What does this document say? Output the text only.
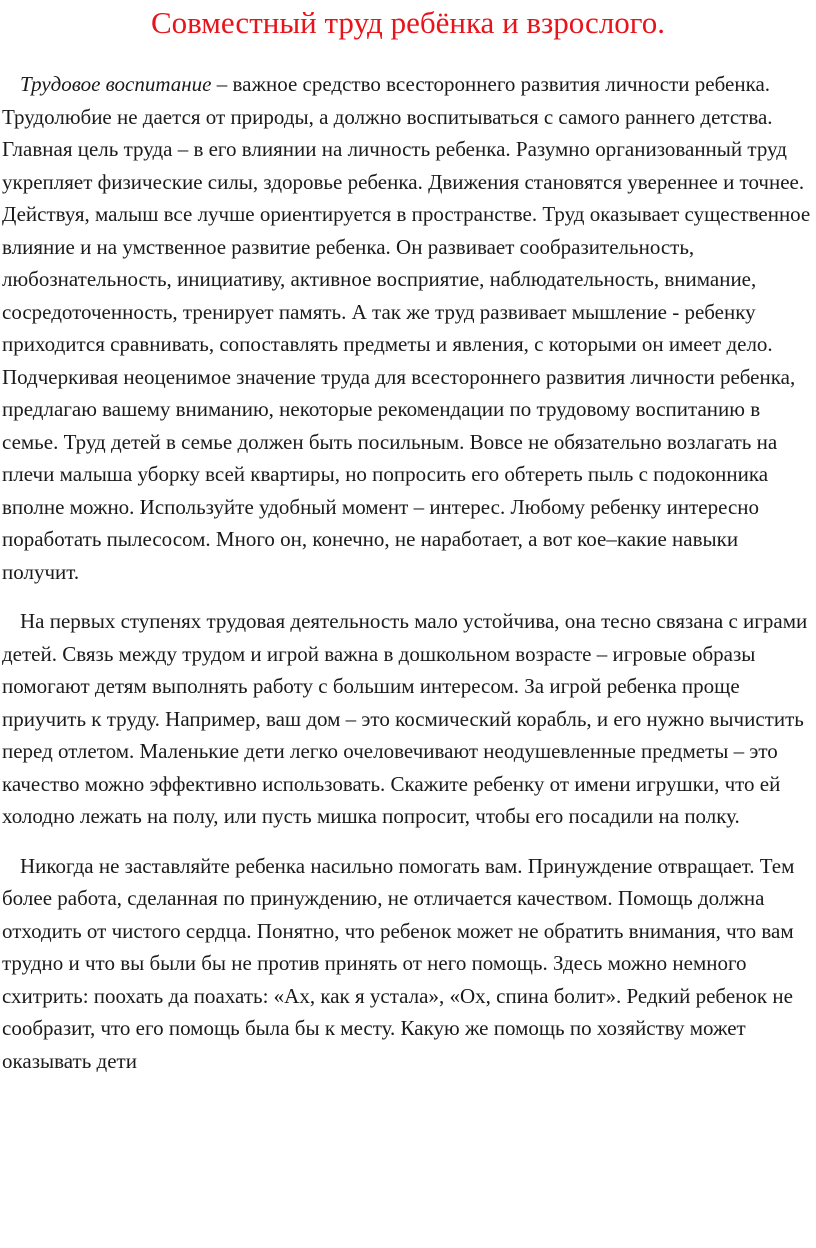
Совместный труд ребёнка и взрослого.

Трудовое воспитание – важное средство всестороннего развития личности ребенка. Трудолюбие не дается от природы, а должно воспитываться с самого раннего детства. Главная цель труда – в его влиянии на личность ребенка. Разумно организованный труд укрепляет физические силы, здоровье ребенка. Движения становятся увереннее и точнее. Действуя, малыш все лучше ориентируется в пространстве. Труд оказывает существенное влияние и на умственное развитие ребенка. Он развивает сообразительность, любознательность, инициативу, активное восприятие, наблюдательность, внимание, сосредоточенность, тренирует память. А так же труд развивает мышление - ребенку приходится сравнивать, сопоставлять предметы и явления, с которыми он имеет дело. Подчеркивая неоценимое значение труда для всестороннего развития личности ребенка, предлагаю вашему вниманию, некоторые рекомендации по трудовому воспитанию в семье. Труд детей в семье должен быть посильным. Вовсе не обязательно возлагать на плечи малыша уборку всей квартиры, но попросить его обтереть пыль с подоконника вполне можно. Используйте удобный момент – интерес. Любому ребенку интересно поработать пылесосом. Много он, конечно, не наработает, а вот кое–какие навыки получит.

На первых ступенях трудовая деятельность мало устойчива, она тесно связана с играми детей. Связь между трудом и игрой важна в дошкольном возрасте – игровые образы помогают детям выполнять работу с большим интересом. За игрой ребенка проще приучить к труду. Например, ваш дом – это космический корабль, и его нужно вычистить перед отлетом. Маленькие дети легко очеловечивают неодушевленные предметы – это качество можно эффективно использовать. Скажите ребенку от имени игрушки, что ей холодно лежать на полу, или пусть мишка попросит, чтобы его посадили на полку.

Никогда не заставляйте ребенка насильно помогать вам. Принуждение отвращает. Тем более работа, сделанная по принуждению, не отличается качеством. Помощь должна отходить от чистого сердца. Понятно, что ребенок может не обратить внимания, что вам трудно и что вы были бы не против принять от него помощь. Здесь можно немного схитрить: поохать да поахать: «Ах, как я устала», «Ох, спина болит». Редкий ребенок не сообразит, что его помощь была бы к месту. Какую же помощь по хозяйству может оказывать дети
